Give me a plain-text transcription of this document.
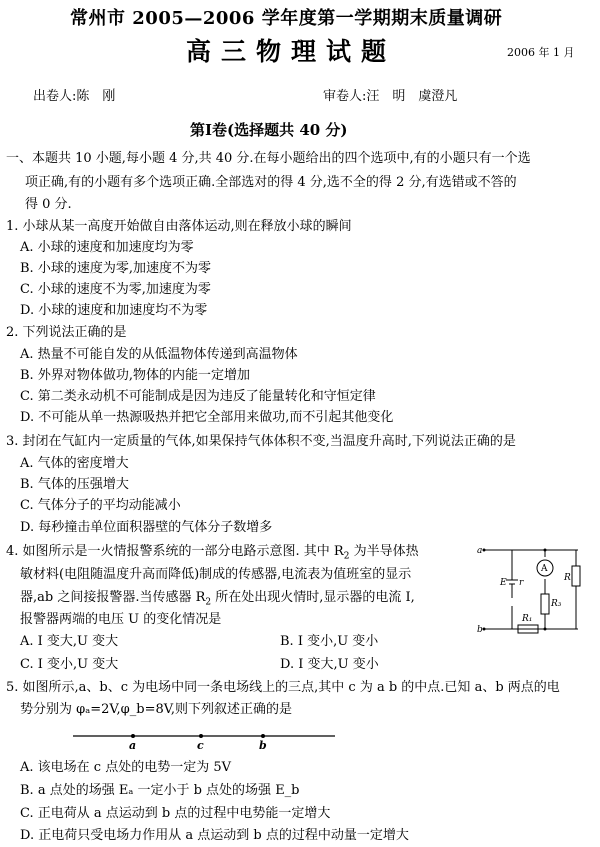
常州市 2005—2006 学年度第一学期期末质量调研
高三物理试题	2006 年 1 月
出卷人:陈　刚	审卷人:汪　明　虞澄凡
第Ⅰ卷(选择题共 40 分)
一、本题共 10 小题,每小题 4 分,共 40 分.在每小题给出的四个选项中,有的小题只有一个选
项正确,有的小题有多个选项正确.全部选对的得 4 分,选不全的得 2 分,有选错或不答的
得 0 分.
1. 小球从某一高度开始做自由落体运动,则在释放小球的瞬间
A. 小球的速度和加速度均为零
B. 小球的速度为零,加速度不为零
C. 小球的速度不为零,加速度为零
D. 小球的速度和加速度均不为零
2. 下列说法正确的是
A. 热量不可能自发的从低温物体传递到高温物体
B. 外界对物体做功,物体的内能一定增加
C. 第二类永动机不可能制成是因为违反了能量转化和守恒定律
D. 不可能从单一热源吸热并把它全部用来做功,而不引起其他变化
3. 封闭在气缸内一定质量的气体,如果保持气体体积不变,当温度升高时,下列说法正确的是
A. 气体的密度增大
B. 气体的压强增大
C. 气体分子的平均动能减小
D. 每秒撞击单位面积器壁的气体分子数增多
4. 如图所示是一火情报警系统的一部分电路示意图. 其中 $R_2$ 为半导体热
敏材料(电阻随温度升高而降低)制成的传感器,电流表为值班室的显示
器,ab 之间接报警器.当传感器 $R_2$ 所在处出现火情时,显示器的电流 I,
报警器两端的电压 U 的变化情况是
A. I 变大,U 变大	B. I 变小,U 变小
C. I 变小,U 变大	D. I 变大,U 变小
a
b
E r
A
R
R₃
R₁
5. 如图所示,a、b、c 为电场中同一条电场线上的三点,其中 c 为 a b 的中点.已知 a、b 两点的电
势分别为 φₐ=2V,φ_b=8V,则下列叙述正确的是
a	c	b
A. 该电场在 c 点处的电势一定为 5V
B. a 点处的场强 Eₐ 一定小于 b 点处的场强 E_b
C. 正电荷从 a 点运动到 b 点的过程中电势能一定增大
D. 正电荷只受电场力作用从 a 点运动到 b 点的过程中动量一定增大
